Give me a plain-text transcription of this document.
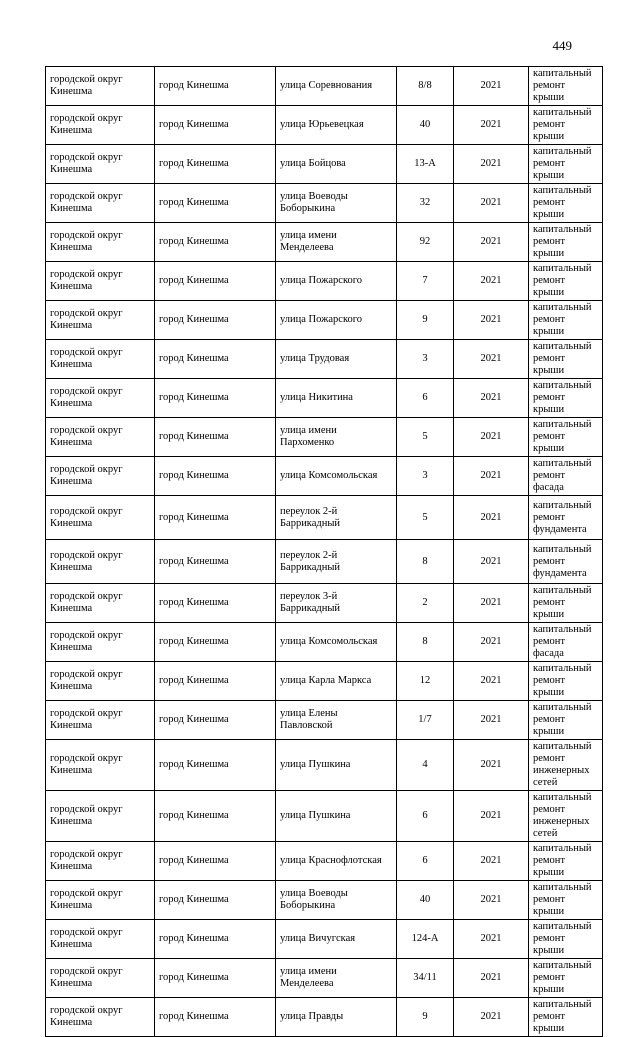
449
городской округ Кинешма	город Кинешма	улица Соревнования	8/8	2021	капитальный ремонт крыши
городской округ Кинешма	город Кинешма	улица Юрьевецкая	40	2021	капитальный ремонт крыши
городской округ Кинешма	город Кинешма	улица Бойцова	13-А	2021	капитальный ремонт крыши
городской округ Кинешма	город Кинешма	улица Воеводы Боборыкина	32	2021	капитальный ремонт крыши
городской округ Кинешма	город Кинешма	улица имени Менделеева	92	2021	капитальный ремонт крыши
городской округ Кинешма	город Кинешма	улица Пожарского	7	2021	капитальный ремонт крыши
городской округ Кинешма	город Кинешма	улица Пожарского	9	2021	капитальный ремонт крыши
городской округ Кинешма	город Кинешма	улица Трудовая	3	2021	капитальный ремонт крыши
городской округ Кинешма	город Кинешма	улица Никитина	6	2021	капитальный ремонт крыши
городской округ Кинешма	город Кинешма	улица имени Пархоменко	5	2021	капитальный ремонт крыши
городской округ Кинешма	город Кинешма	улица Комсомольская	3	2021	капитальный ремонт фасада
городской округ Кинешма	город Кинешма	переулок 2-й Баррикадный	5	2021	капитальный ремонт фундамента
городской округ Кинешма	город Кинешма	переулок 2-й Баррикадный	8	2021	капитальный ремонт фундамента
городской округ Кинешма	город Кинешма	переулок 3-й Баррикадный	2	2021	капитальный ремонт крыши
городской округ Кинешма	город Кинешма	улица Комсомольская	8	2021	капитальный ремонт фасада
городской округ Кинешма	город Кинешма	улица Карла Маркса	12	2021	капитальный ремонт крыши
городской округ Кинешма	город Кинешма	улица Елены Павловской	1/7	2021	капитальный ремонт крыши
городской округ Кинешма	город Кинешма	улица Пушкина	4	2021	капитальный ремонт инженерных сетей
городской округ Кинешма	город Кинешма	улица Пушкина	6	2021	капитальный ремонт инженерных сетей
городской округ Кинешма	город Кинешма	улица Краснофлотская	6	2021	капитальный ремонт крыши
городской округ Кинешма	город Кинешма	улица Воеводы Боборыкина	40	2021	капитальный ремонт крыши
городской округ Кинешма	город Кинешма	улица Вичугская	124-А	2021	капитальный ремонт крыши
городской округ Кинешма	город Кинешма	улица имени Менделеева	34/11	2021	капитальный ремонт крыши
городской округ Кинешма	город Кинешма	улица Правды	9	2021	капитальный ремонт крыши
